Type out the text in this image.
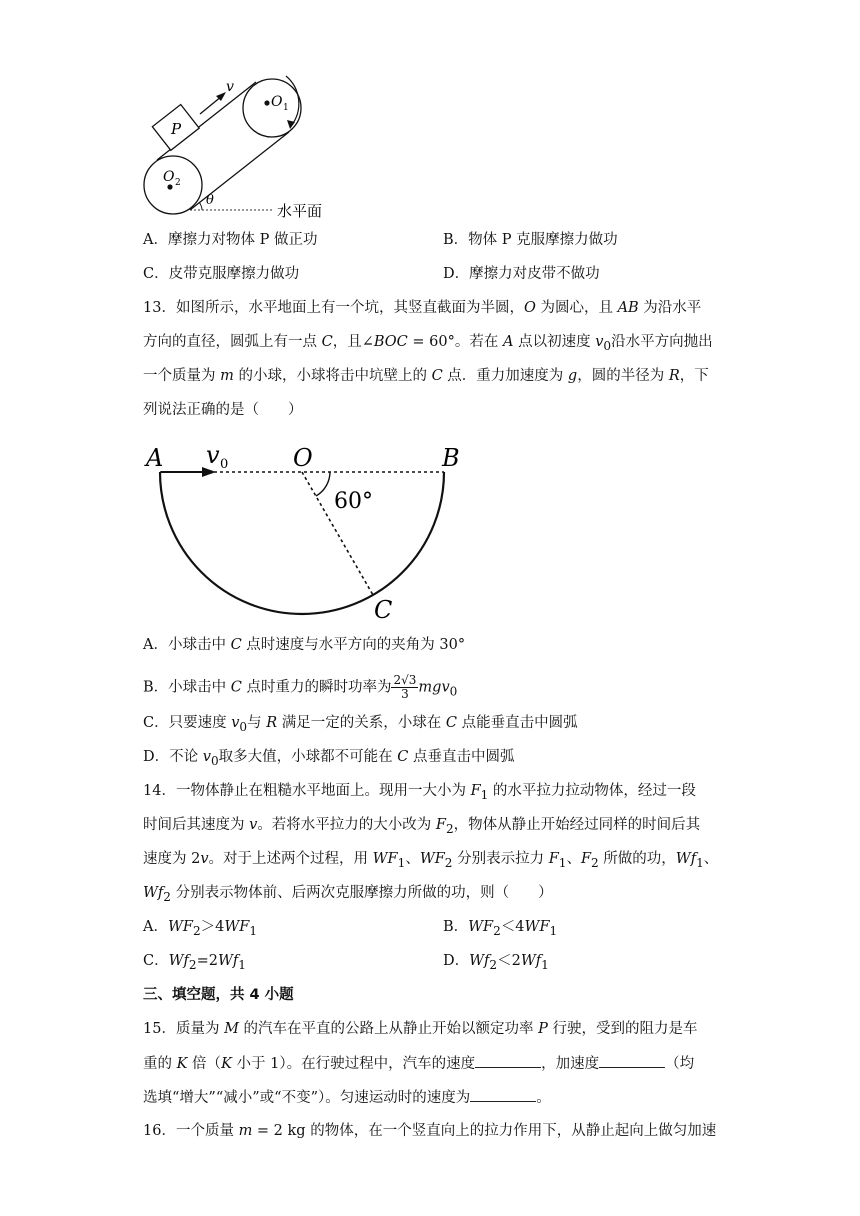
P
v
O 1
O 2
θ
水平面
A．摩擦力对物体 P 做正功	B．物体 P 克服摩擦力做功
C．皮带克服摩擦力做功	D．摩擦力对皮带不做功
13．如图所示，水平地面上有一个坑，其竖直截面为半圆，O 为圆心，且 AB 为沿水平
方向的直径，圆弧上有一点 C，且∠BOC = 60°。若在 A 点以初速度 $v_0$沿水平方向抛出
一个质量为 m 的小球，小球将击中坑壁上的 C 点．重力加速度为 g，圆的半径为 R，下
列说法正确的是（　　）
A v 0	O	B
60°
C
A．小球击中 C 点时速度与水平方向的夹角为 30°
B．小球击中 C 点时重力的瞬时功率为 $\frac{2√3}{3} mgv_0$
C．只要速度 $v_0$与 R 满足一定的关系，小球在 C 点能垂直击中圆弧
D．不论 $v_0$取多大值，小球都不可能在 C 点垂直击中圆弧
14．一物体静止在粗糙水平地面上。现用一大小为 $F_1$ 的水平拉力拉动物体，经过一段
时间后其速度为 v。若将水平拉力的大小改为 $F_2$，物体从静止开始经过同样的时间后其
速度为 2v。对于上述两个过程，用 $WF_1$、$WF_2$ 分别表示拉力 $F_1$、$F_2$ 所做的功，$Wf_1$、
$Wf_2$ 分别表示物体前、后两次克服摩擦力所做的功，则（　　）
A．$WF_2>4WF_1$	B．$WF_2<4WF_1$
C．$Wf_2=2Wf_1$	D．$Wf_2<2Wf_1$
三、填空题，共 4 小题
15．质量为 M 的汽车在平直的公路上从静止开始以额定功率 P 行驶，受到的阻力是车
重的 K 倍（K 小于 1）。在行驶过程中，汽车的速度	，加速度	（均
选填“增大”“减小”或“不变”）。匀速运动时的速度为	。
16．一个质量 m = 2 kg 的物体，在一个竖直向上的拉力作用下，从静止起向上做匀加速
